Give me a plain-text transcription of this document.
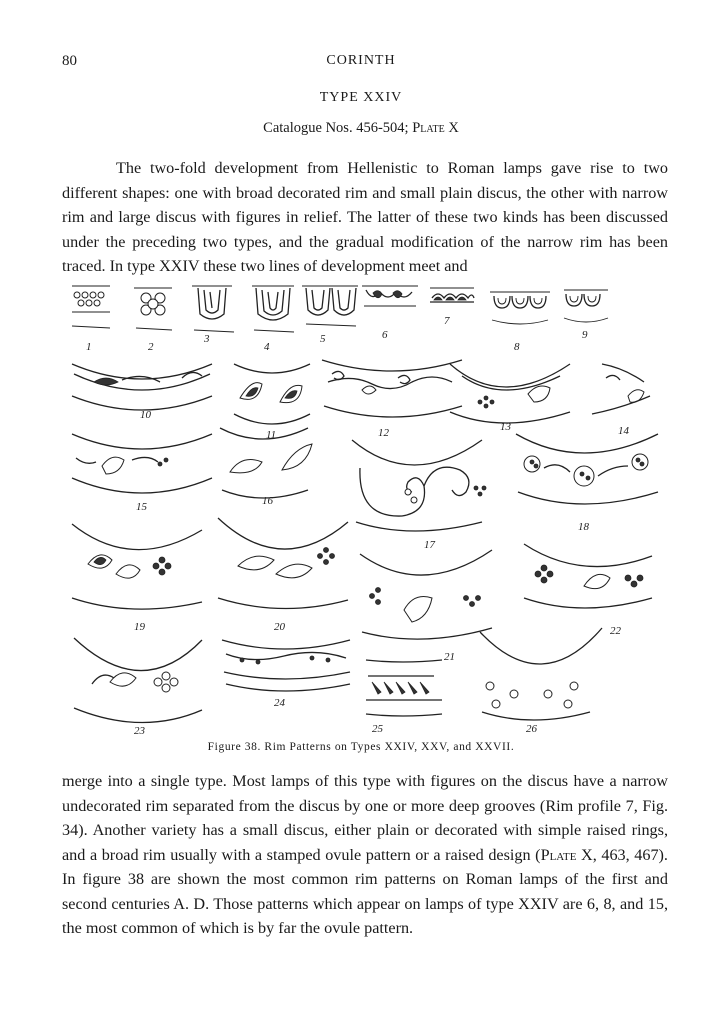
80	CORINTH
TYPE XXIV
Catalogue Nos. 456-504; Plate X

The two-fold development from Hellenistic to Roman lamps gave rise to two different shapes: one with broad decorated rim and small plain discus, the other with narrow rim and large discus with figures in relief. The latter of these two kinds has been discussed under the preceding two types, and the gradual modification of the narrow rim has been traced. In type XXIV these two lines of development meet and

1	2
3
4
5	6
7
8
9
10
11	12	13	14
15	16
17
18
19	20
21
22
23
24
25	26
Figure 38. Rim Patterns on Types XXIV, XXV, and XXVII.

merge into a single type. Most lamps of this type with figures on the discus have a narrow undecorated rim separated from the discus by one or more deep grooves (Rim profile 7, Fig. 34). Another variety has a small discus, either plain or decorated with simple raised rings, and a broad rim usually with a stamped ovule pattern or a raised design (Plate X, 463, 467). In figure 38 are shown the most common rim patterns on Roman lamps of the first and second centuries A. D. Those patterns which appear on lamps of type XXIV are 6, 8, and 15, the most common of which is by far the ovule pattern.
